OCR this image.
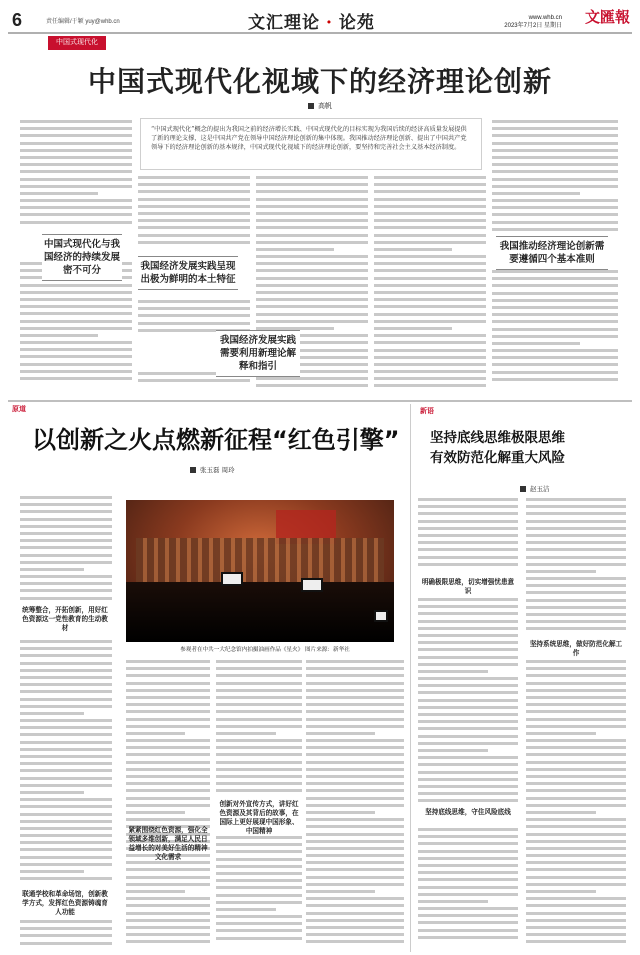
6	责任编辑/于颖 yuy@whb.cn	文汇理论 · 论苑	www.whb.cn
2023年7月2日 星期日 文匯報
中国式现代化
中国式现代化视域下的经济理论创新
高帆
“中国式现代化”概念的提出为我国之前的经济增长实践、中国式现代化的目标实现为我国后续的经济高质量发展提供了新的理论支撑，这是中国共产党在领导中国经济理论创新的集中体现。我国推动经济理论创新、提出了中国共产党领导下的经济理论创新的基本规律，中国式现代化视域下的经济理论创新，要坚持和完善社会主义基本经济制度。
中国式现代化与我国经济的持续发展密不可分	我国经济发展实践呈现出极为鲜明的本土特征
我国经济发展实践需要利用新理论解释和指引
我国推动经济理论创新需要遵循四个基本准则
原道
以创新之火点燃新征程“红色引擎”
张玉磊 周玲
统筹整合，开拓创新，用好红色资源这一党性教育的生动教材
联通学校和革命场馆，创新教学方式，发挥红色资源铸魂育人功能
参观者在中共一大纪念馆内拍摄油画作品《星火》 图片来源：新华社
紧紧围绕红色资源，强化全领域多维创新，满足人民日益增长的对美好生活的精神文化需求
创新对外宣传方式，讲好红色资源及其背后的故事，在国际上更好展现中国形象、中国精神
新语
坚持底线思维极限思维
有效防范化解重大风险
赵玉洁
明确极限思维，切实增强忧患意识
坚持底线思维，守住风险底线
坚持系统思维，做好防范化解工作
